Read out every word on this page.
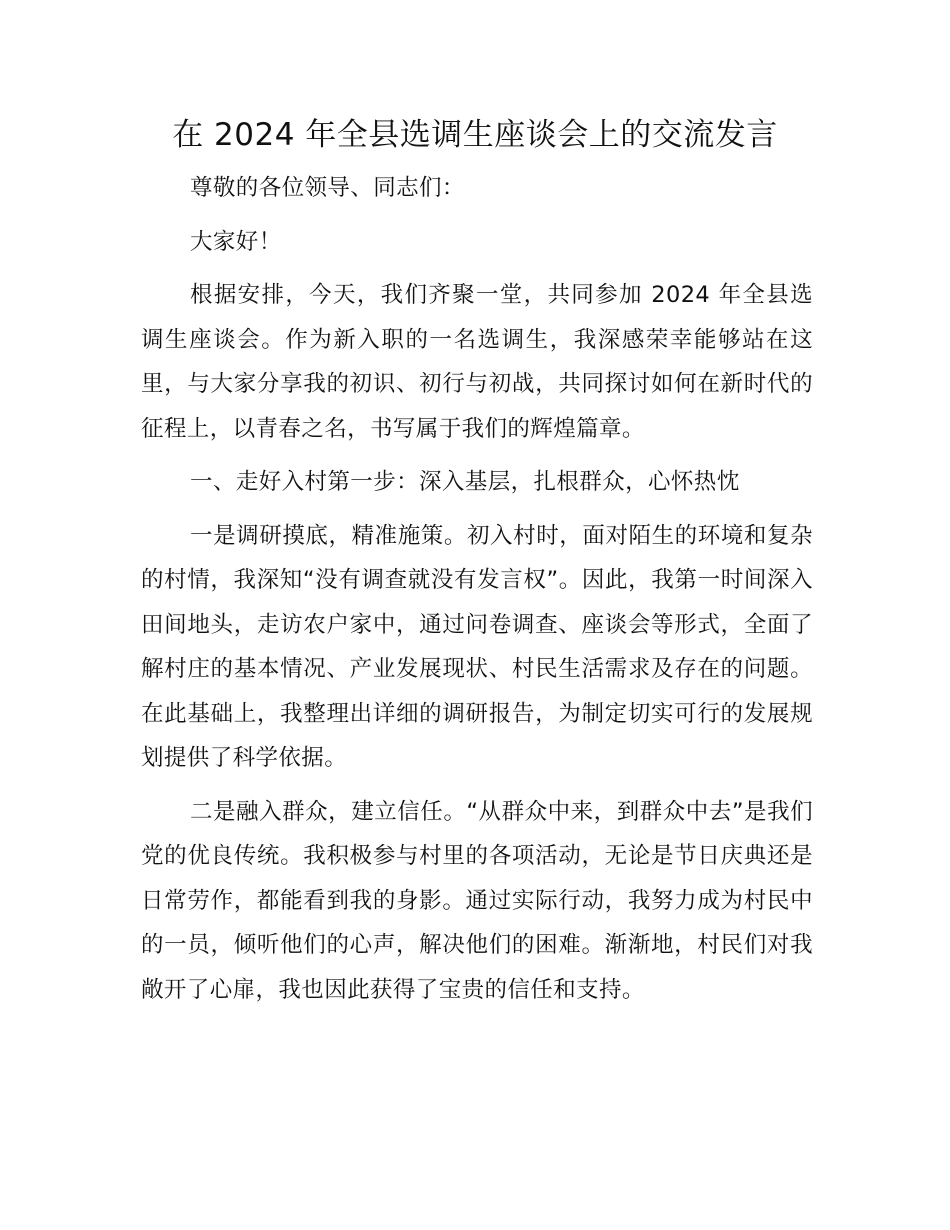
在 2024 年全县选调生座谈会上的交流发言

尊敬的各位领导、同志们：

大家好！

根据安排，今天，我们齐聚一堂，共同参加 2024 年全县选调生座谈会。作为新入职的一名选调生，我深感荣幸能够站在这里，与大家分享我的初识、初行与初战，共同探讨如何在新时代的征程上，以青春之名，书写属于我们的辉煌篇章。

一、走好入村第一步：深入基层，扎根群众，心怀热忱

一是调研摸底，精准施策。初入村时，面对陌生的环境和复杂的村情，我深知“没有调查就没有发言权”。因此，我第一时间深入田间地头，走访农户家中，通过问卷调查、座谈会等形式，全面了解村庄的基本情况、产业发展现状、村民生活需求及存在的问题。在此基础上，我整理出详细的调研报告，为制定切实可行的发展规划提供了科学依据。

二是融入群众，建立信任。“从群众中来，到群众中去”是我们党的优良传统。我积极参与村里的各项活动，无论是节日庆典还是日常劳作，都能看到我的身影。通过实际行动，我努力成为村民中的一员，倾听他们的心声，解决他们的困难。渐渐地，村民们对我敞开了心扉，我也因此获得了宝贵的信任和支持。
